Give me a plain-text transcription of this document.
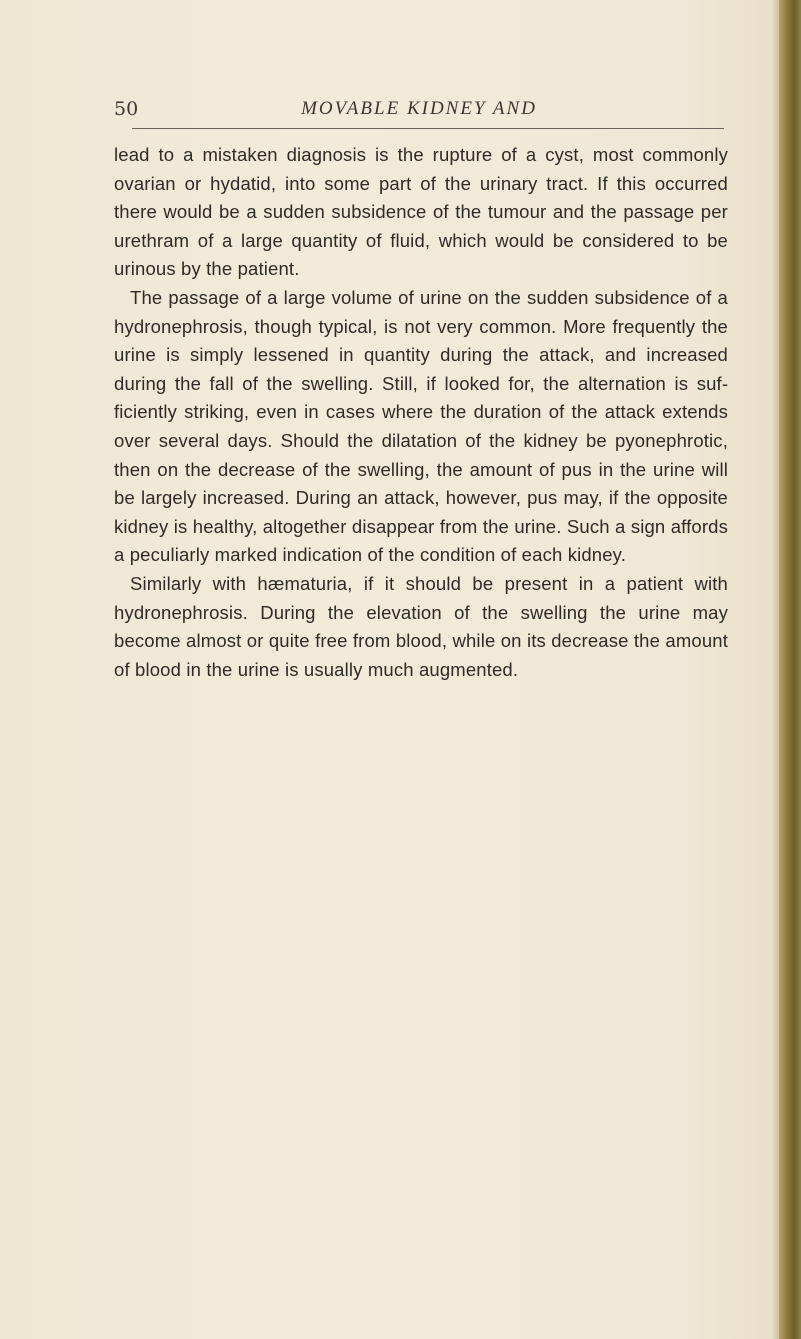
50	MOVABLE KIDNEY AND

lead to a mistaken diagnosis is the rupture of a cyst, most commonly ovarian or hydatid, into some part of the urinary tract. If this occurred there would be a sudden subsidence of the tumour and the passage per urethram of a large quantity of fluid, which would be considered to be urinous by the patient.

The passage of a large volume of urine on the sudden subsidence of a hydronephrosis, though typical, is not very common. More frequently the urine is simply lessened in quantity during the attack, and increased during the fall of the swelling. Still, if looked for, the alternation is sufficiently striking, even in cases where the duration of the attack extends over several days. Should the dilatation of the kidney be pyonephrotic, then on the decrease of the swelling, the amount of pus in the urine will be largely increased. During an attack, however, pus may, if the opposite kidney is healthy, altogether disappear from the urine. Such a sign affords a peculiarly marked indication of the condition of each kidney.

Similarly with hæmaturia, if it should be present in a patient with hydronephrosis. During the elevation of the swelling the urine may become almost or quite free from blood, while on its decrease the amount of blood in the urine is usually much augmented.
